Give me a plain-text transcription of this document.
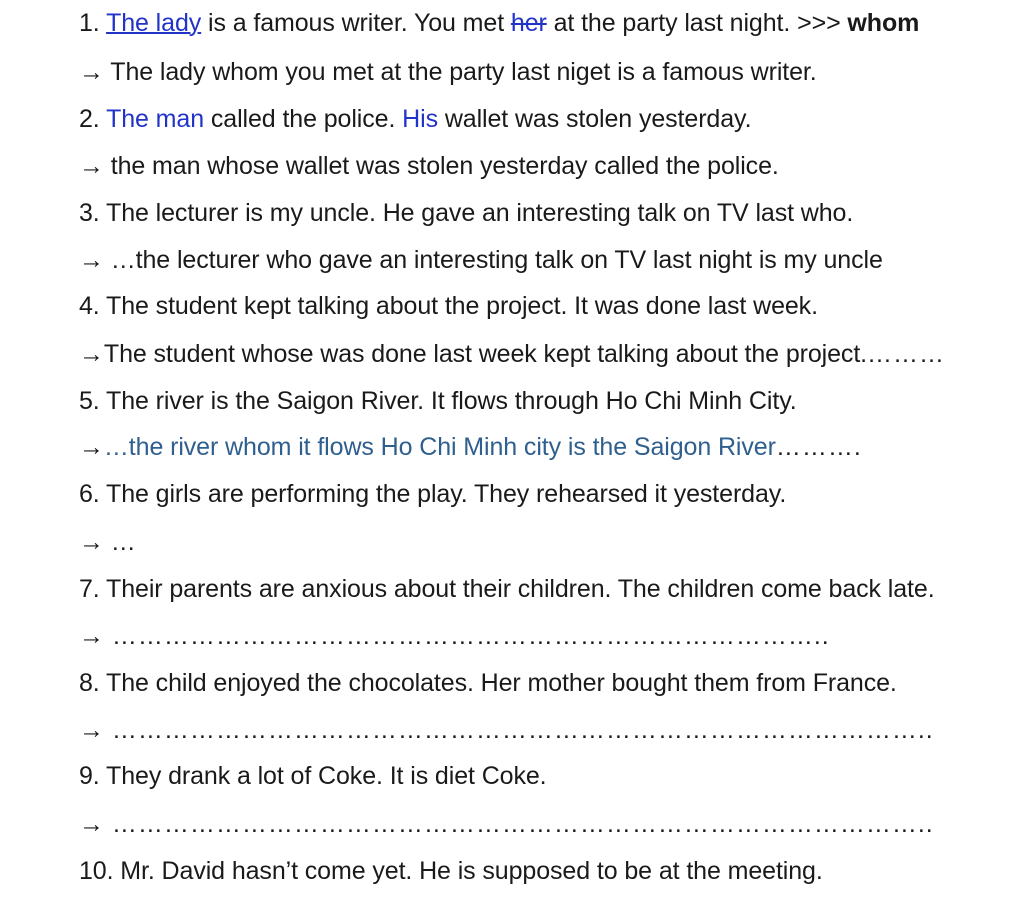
1. The lady is a famous writer. You met her at the party last night. >>> whom
→ The lady whom you met at the party last niget is a famous writer.
2. The man called the police. His wallet was stolen yesterday.
→ the man whose wallet was stolen yesterday called the police.
3. The lecturer is my uncle. He gave an interesting talk on TV last who.
→ …the lecturer who gave an interesting talk on TV last night is my uncle
4. The student kept talking about the project. It was done last week.
→The student whose was done last week kept talking about the project.………
5. The river is the Saigon River. It flows through Ho Chi Minh City.
→…the river whom it flows Ho Chi Minh city is the Saigon River……….
6. The girls are performing the play. They rehearsed it yesterday.
→ …
7. Their parents are anxious about their children. The children come back late.
→ ………………………………………………………………………..
8. The child enjoyed the chocolates. Her mother bought them from France.
→ …………………………………………………………………………………..
9. They drank a lot of Coke. It is diet Coke.
→ …………………………………………………………………………………..
10. Mr. David hasn’t come yet. He is supposed to be at the meeting.
